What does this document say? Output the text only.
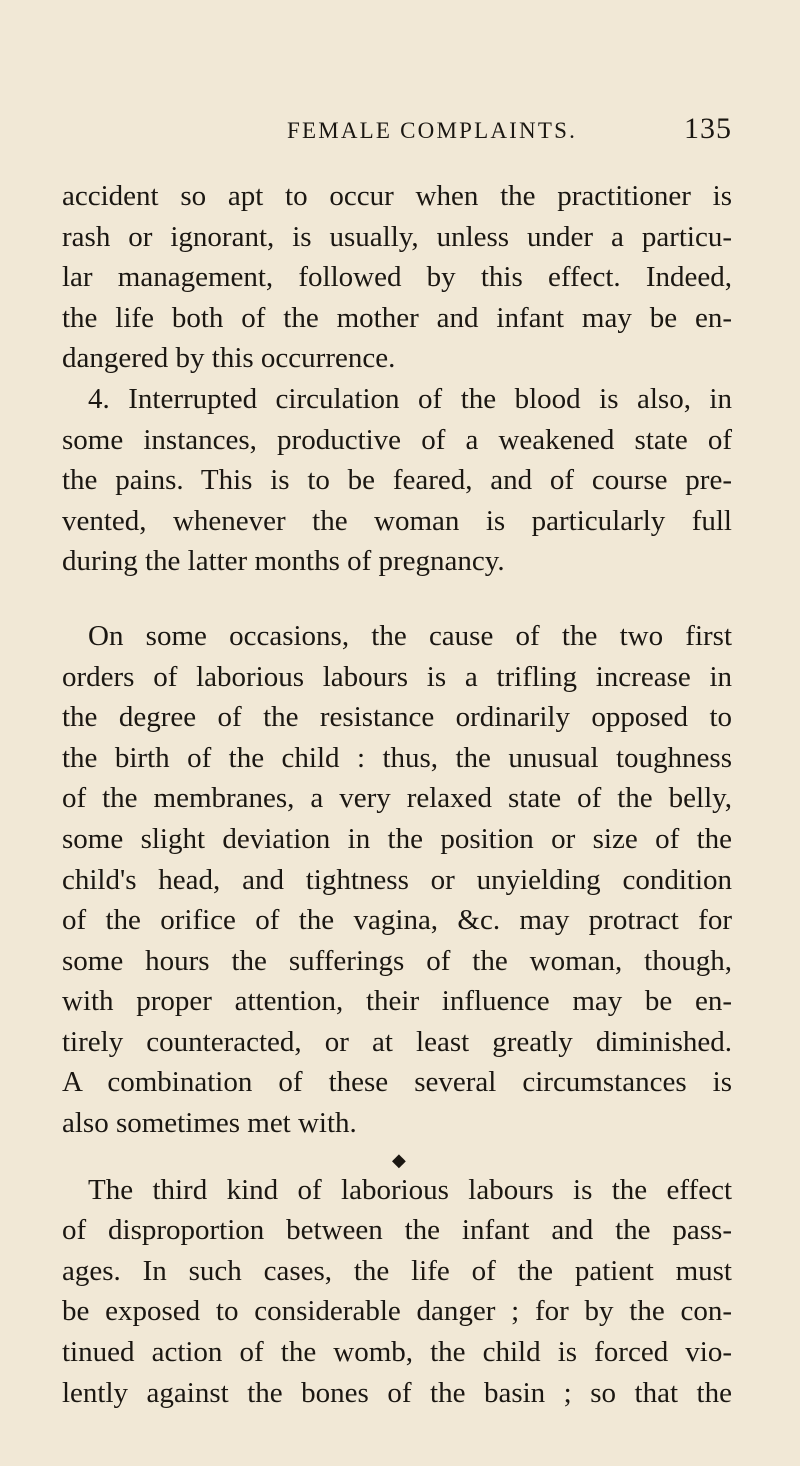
FEMALE COMPLAINTS.	135
accident so apt to occur when the practitioner is
rash or ignorant, is usually, unless under a particu-
lar management, followed by this effect. Indeed,
the life both of the mother and infant may be en-
dangered by this occurrence.
4. Interrupted circulation of the blood is also, in
some instances, productive of a weakened state of
the pains. This is to be feared, and of course pre-
vented, whenever the woman is particularly full
during the latter months of pregnancy.
On some occasions, the cause of the two first
orders of laborious labours is a trifling increase in
the degree of the resistance ordinarily opposed to
the birth of the child : thus, the unusual toughness
of the membranes, a very relaxed state of the belly,
some slight deviation in the position or size of the
child's head, and tightness or unyielding condition
of the orifice of the vagina, &c. may protract for
some hours the sufferings of the woman, though,
with proper attention, their influence may be en-
tirely counteracted, or at least greatly diminished.
A combination of these several circumstances is
also sometimes met with.
◆
The third kind of laborious labours is the effect
of disproportion between the infant and the pass-
ages. In such cases, the life of the patient must
be exposed to considerable danger ; for by the con-
tinued action of the womb, the child is forced vio-
lently against the bones of the basin ; so that the
